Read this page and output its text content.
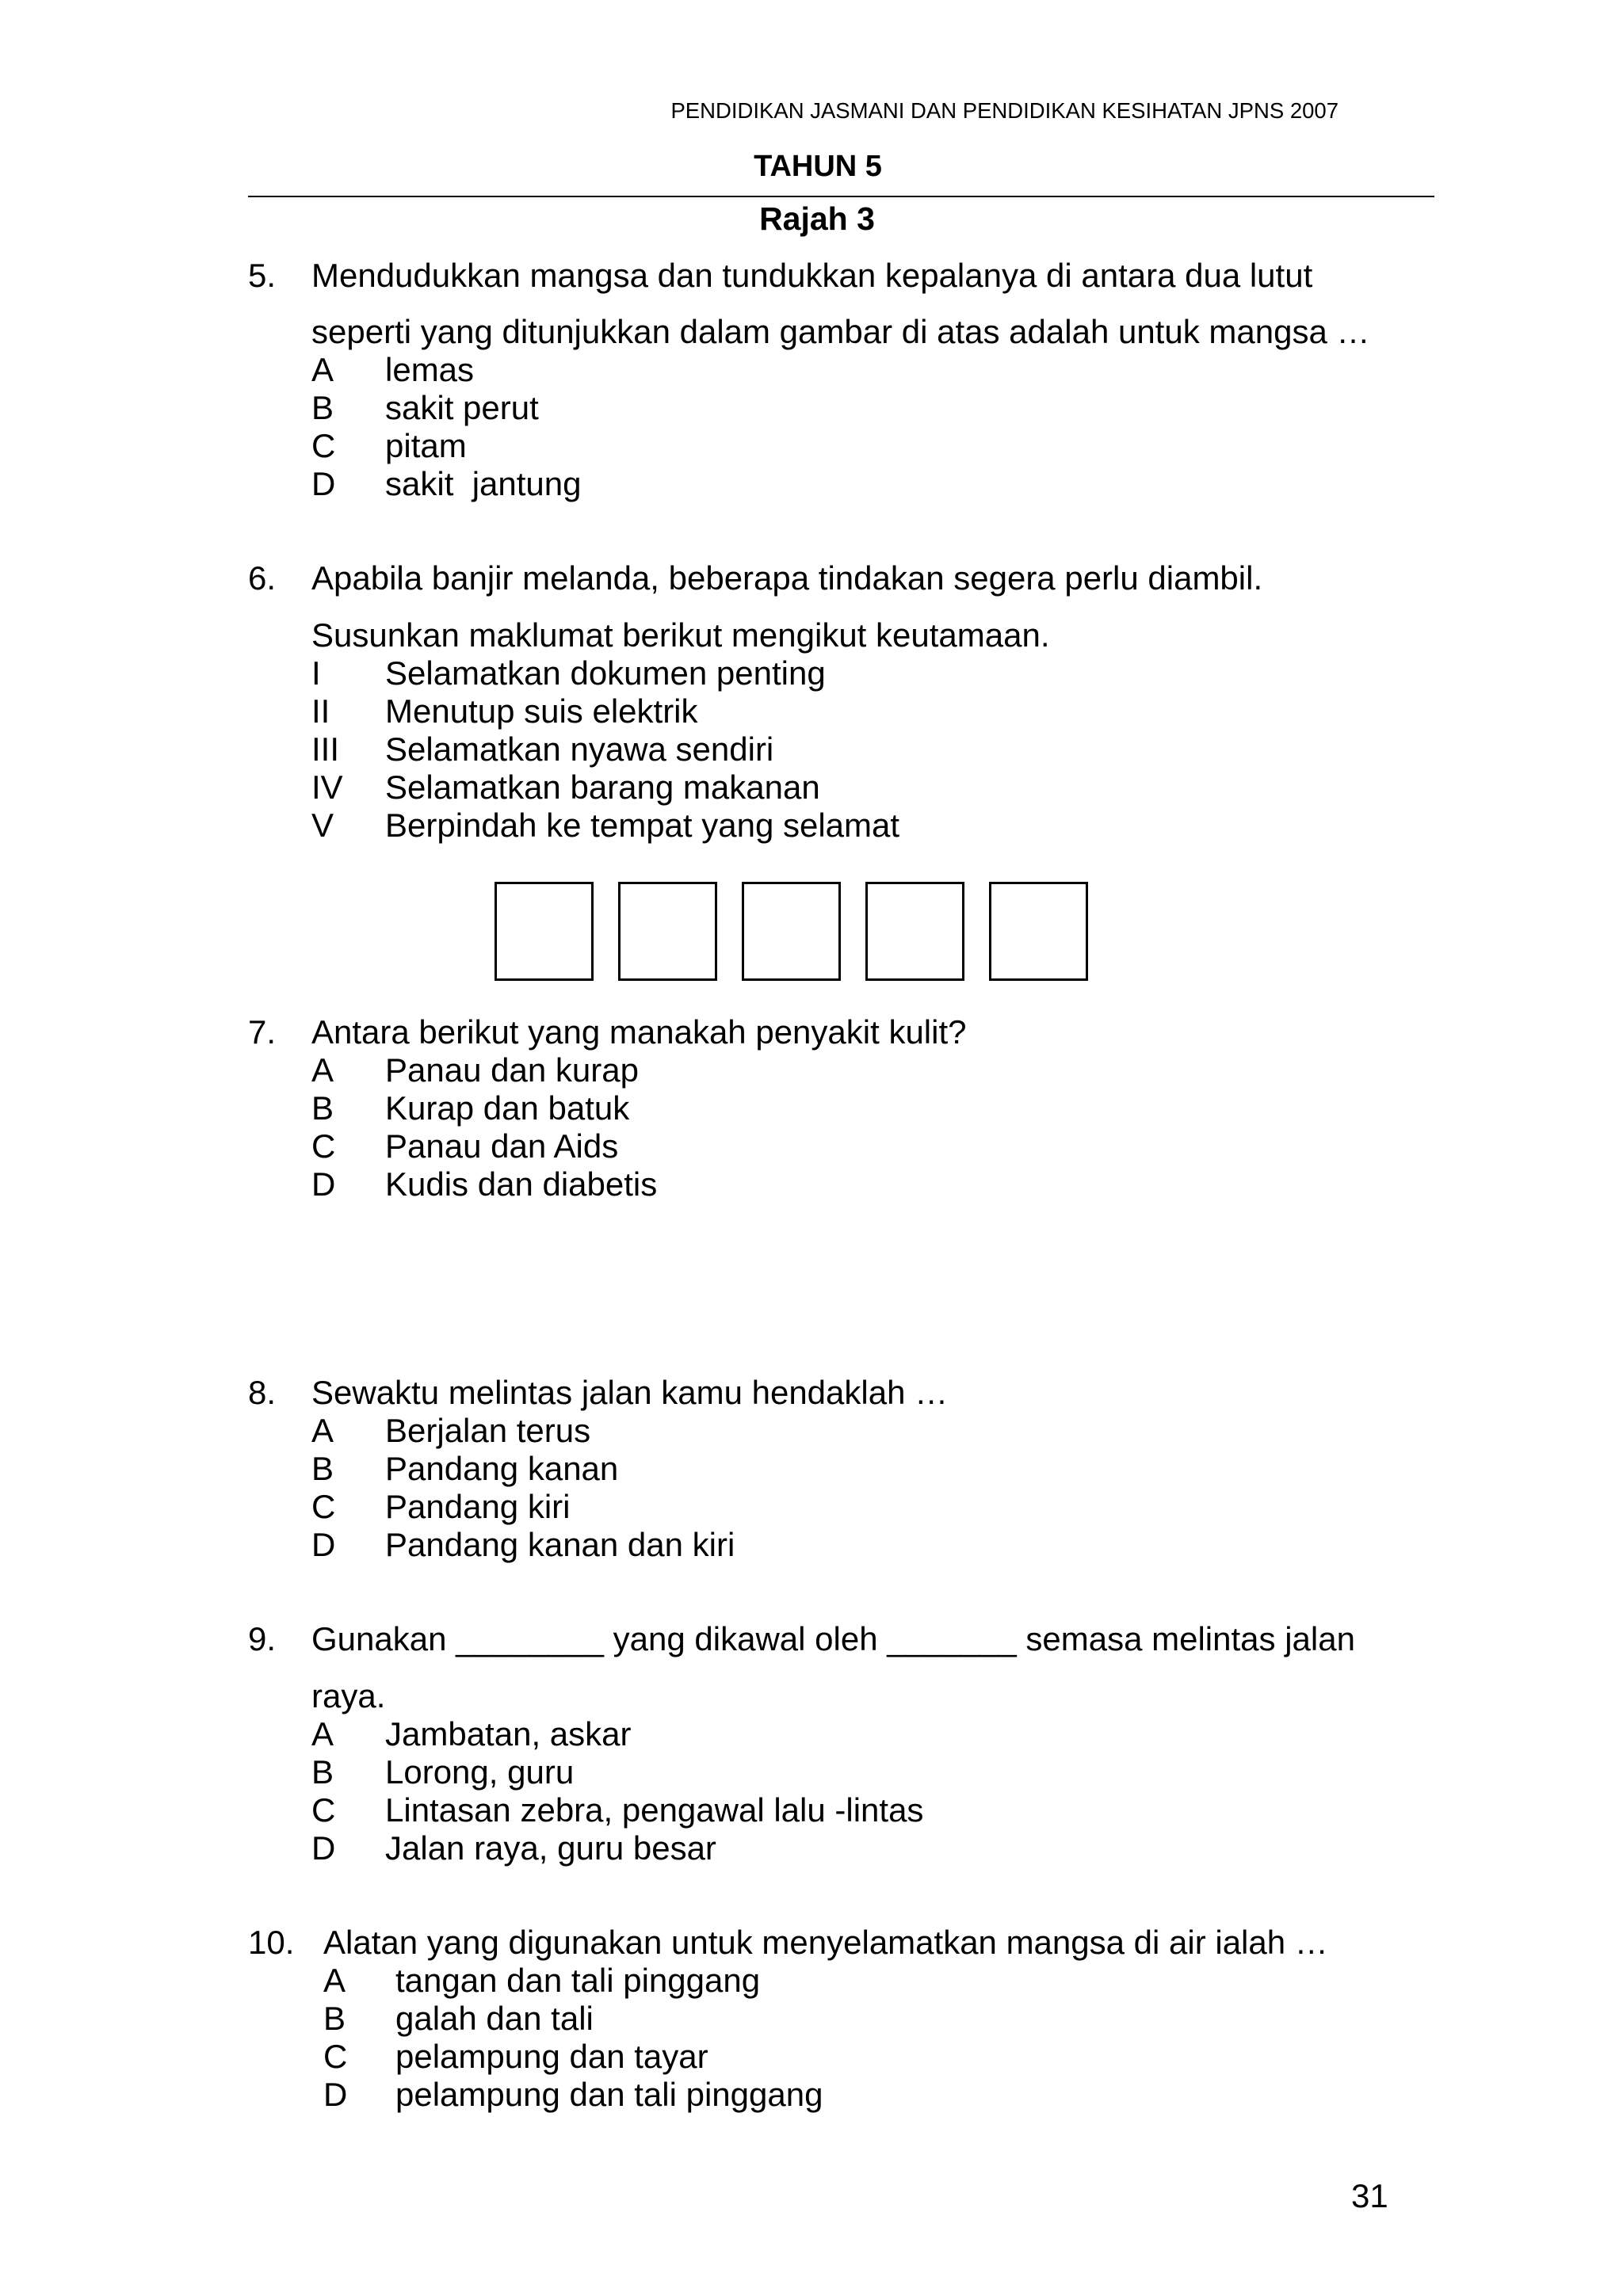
PENDIDIKAN JASMANI DAN PENDIDIKAN KESIHATAN JPNS 2007
TAHUN 5
Rajah 3
5. Mendudukkan mangsa dan tundukkan kepalanya di antara dua lutut
seperti yang ditunjukkan dalam gambar di atas adalah untuk mangsa …
A lemas
B sakit perut
C pitam
D sakit  jantung
6. Apabila banjir melanda, beberapa tindakan segera perlu diambil.
Susunkan maklumat berikut mengikut keutamaan.
I Selamatkan dokumen penting
II Menutup suis elektrik
III Selamatkan nyawa sendiri
IV Selamatkan barang makanan
V Berpindah ke tempat yang selamat
7. Antara berikut yang manakah penyakit kulit?
A Panau dan kurap
B Kurap dan batuk
C Panau dan Aids
D Kudis dan diabetis
8. Sewaktu melintas jalan kamu hendaklah …
A Berjalan terus
B Pandang kanan
C Pandang kiri
D Pandang kanan dan kiri
9. Gunakan ________ yang dikawal oleh _______ semasa melintas jalan
raya.
A Jambatan, askar
B Lorong, guru
C Lintasan zebra, pengawal lalu -lintas
D Jalan raya, guru besar
10. Alatan yang digunakan untuk menyelamatkan mangsa di air ialah …
A tangan dan tali pinggang
B galah dan tali
C pelampung dan tayar
D pelampung dan tali pinggang
31
